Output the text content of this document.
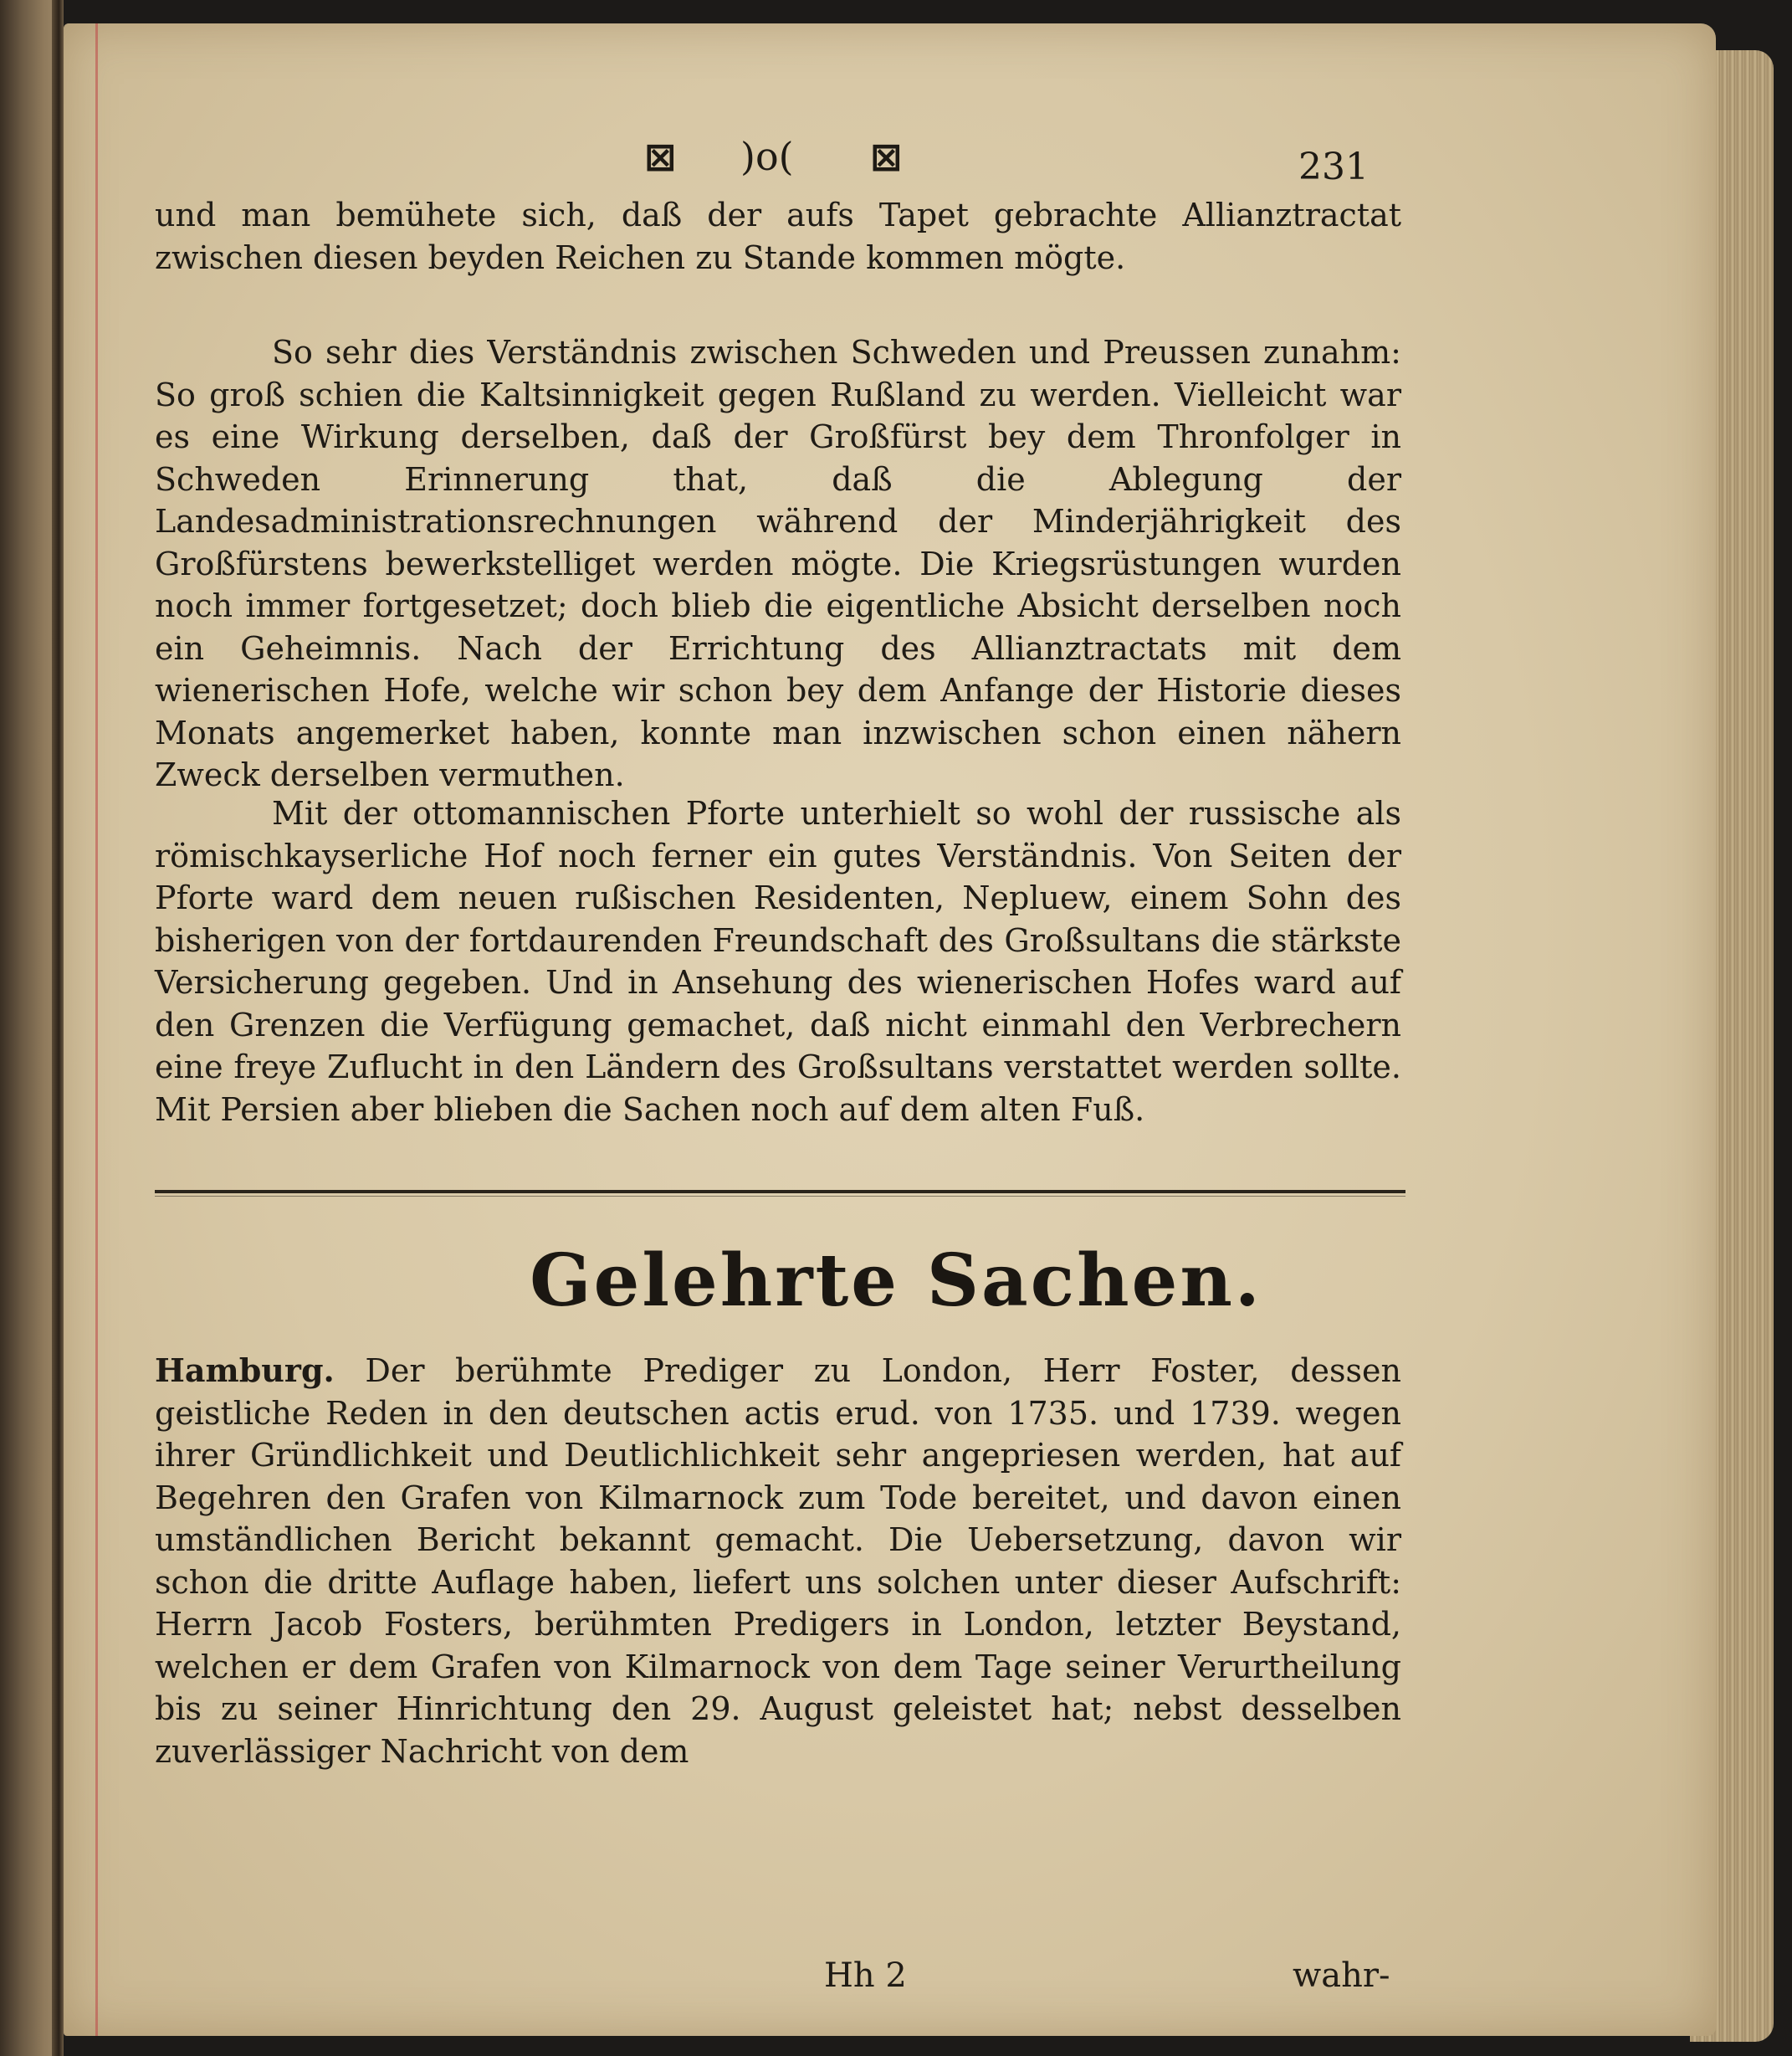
⊠ )o( ⊠	231

und man bemühete sich, daß der aufs Tapet gebrachte Allianztractat zwischen diesen beyden Reichen zu Stande kommen mögte.

So sehr dies Verständnis zwischen Schweden und Preussen zunahm: So groß schien die Kaltsinnigkeit gegen Rußland zu werden. Vielleicht war es eine Wirkung derselben, daß der Großfürst bey dem Thronfolger in Schweden Erinnerung that, daß die Ablegung der Landesadministrationsrechnungen während der Minderjährigkeit des Großfürstens bewerkstelliget werden mögte. Die Kriegsrüstungen wurden noch immer fortgesetzet; doch blieb die eigentliche Absicht derselben noch ein Geheimnis. Nach der Errichtung des Allianztractats mit dem wienerischen Hofe, welche wir schon bey dem Anfange der Historie dieses Monats angemerket haben, konnte man inzwischen schon einen nähern Zweck derselben vermuthen.

Mit der ottomannischen Pforte unterhielt so wohl der russische als römischkayserliche Hof noch ferner ein gutes Verständnis. Von Seiten der Pforte ward dem neuen rußischen Residenten, Nepluew, einem Sohn des bisherigen von der fortdaurenden Freundschaft des Großsultans die stärkste Versicherung gegeben. Und in Ansehung des wienerischen Hofes ward auf den Grenzen die Verfügung gemachet, daß nicht einmahl den Verbrechern eine freye Zuflucht in den Ländern des Großsultans verstattet werden sollte. Mit Persien aber blieben die Sachen noch auf dem alten Fuß.

Gelehrte Sachen.

Hamburg. Der berühmte Prediger zu London, Herr Foster, dessen geistliche Reden in den deutschen actis erud. von 1735. und 1739. wegen ihrer Gründlichkeit und Deutlichlichkeit sehr angepriesen werden, hat auf Begehren den Grafen von Kilmarnock zum Tode bereitet, und davon einen umständlichen Bericht bekannt gemacht. Die Uebersetzung, davon wir schon die dritte Auflage haben, liefert uns solchen unter dieser Aufschrift: Herrn Jacob Fosters, berühmten Predigers in London, letzter Beystand, welchen er dem Grafen von Kilmarnock von dem Tage seiner Verurtheilung bis zu seiner Hinrichtung den 29. August geleistet hat; nebst desselben zuverlässiger Nachricht von dem

Hh 2	wahr-
